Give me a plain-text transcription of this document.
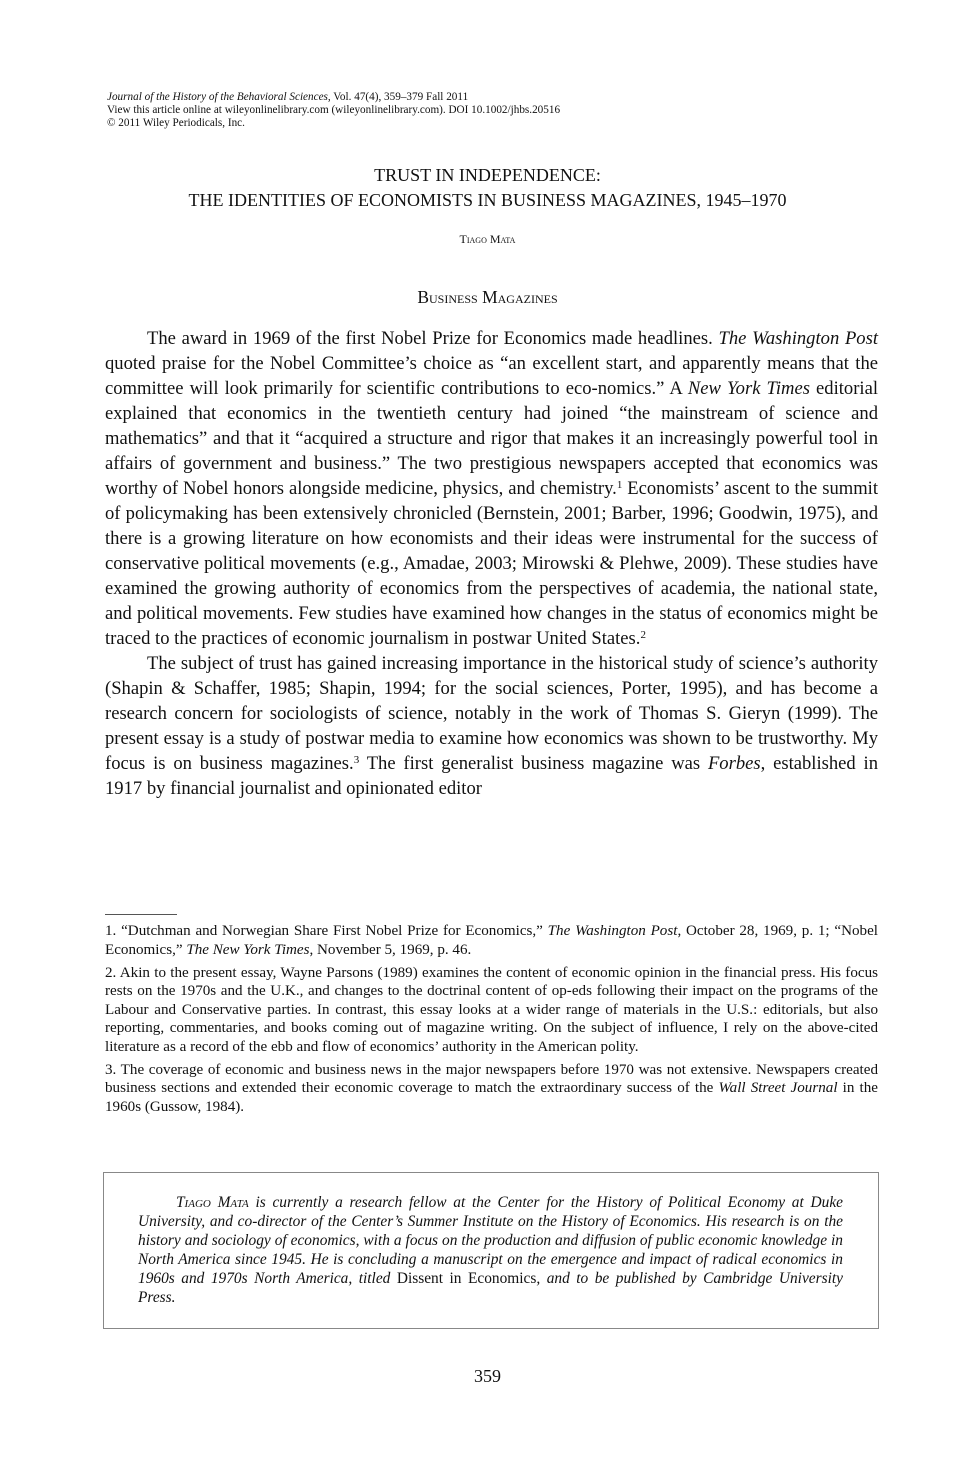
Journal of the History of the Behavioral Sciences, Vol. 47(4), 359–379 Fall 2011
View this article online at wileyonlinelibrary.com (wileyonlinelibrary.com). DOI 10.1002/jhbs.20516
© 2011 Wiley Periodicals, Inc.
TRUST IN INDEPENDENCE:
THE IDENTITIES OF ECONOMISTS IN BUSINESS MAGAZINES, 1945–1970
Tiago Mata
Business Magazines

The award in 1969 of the first Nobel Prize for Economics made headlines. The Washington Post quoted praise for the Nobel Committee’s choice as “an excellent start, and apparently means that the committee will look primarily for scientific contributions to eco-nomics.” A New York Times editorial explained that economics in the twentieth century had joined “the mainstream of science and mathematics” and that it “acquired a structure and rigor that makes it an increasingly powerful tool in affairs of government and business.” The two prestigious newspapers accepted that economics was worthy of Nobel honors alongside medicine, physics, and chemistry.$^1$ Economists’ ascent to the summit of policymaking has been extensively chronicled (Bernstein, 2001; Barber, 1996; Goodwin, 1975), and there is a growing literature on how economists and their ideas were instrumental for the success of conservative political movements (e.g., Amadae, 2003; Mirowski & Plehwe, 2009). These studies have examined the growing authority of economics from the perspectives of academia, the national state, and political movements. Few studies have examined how changes in the status of economics might be traced to the practices of economic journalism in postwar United States.$^2$

The subject of trust has gained increasing importance in the historical study of science’s authority (Shapin & Schaffer, 1985; Shapin, 1994; for the social sciences, Porter, 1995), and has become a research concern for sociologists of science, notably in the work of Thomas S. Gieryn (1999). The present essay is a study of postwar media to examine how economics was shown to be trustworthy. My focus is on business magazines.$^3$ The first generalist business magazine was Forbes, established in 1917 by financial journalist and opinionated editor

1. “Dutchman and Norwegian Share First Nobel Prize for Economics,” The Washington Post, October 28, 1969, p. 1; “Nobel Economics,” The New York Times, November 5, 1969, p. 46.

2. Akin to the present essay, Wayne Parsons (1989) examines the content of economic opinion in the financial press. His focus rests on the 1970s and the U.K., and changes to the doctrinal content of op-eds following their impact on the programs of the Labour and Conservative parties. In contrast, this essay looks at a wider range of materials in the U.S.: editorials, but also reporting, commentaries, and books coming out of magazine writing. On the subject of influence, I rely on the above-cited literature as a record of the ebb and flow of economics’ authority in the American polity.

3. The coverage of economic and business news in the major newspapers before 1970 was not extensive. Newspapers created business sections and extended their economic coverage to match the extraordinary success of the Wall Street Journal in the 1960s (Gussow, 1984).

Tiago Mata is currently a research fellow at the Center for the History of Political Economy at Duke University, and co-director of the Center’s Summer Institute on the History of Economics. His research is on the history and sociology of economics, with a focus on the production and diffusion of public economic knowledge in North America since 1945. He is concluding a manuscript on the emergence and impact of radical economics in 1960s and 1970s North America, titled Dissent in Economics, and to be published by Cambridge University Press.

359
